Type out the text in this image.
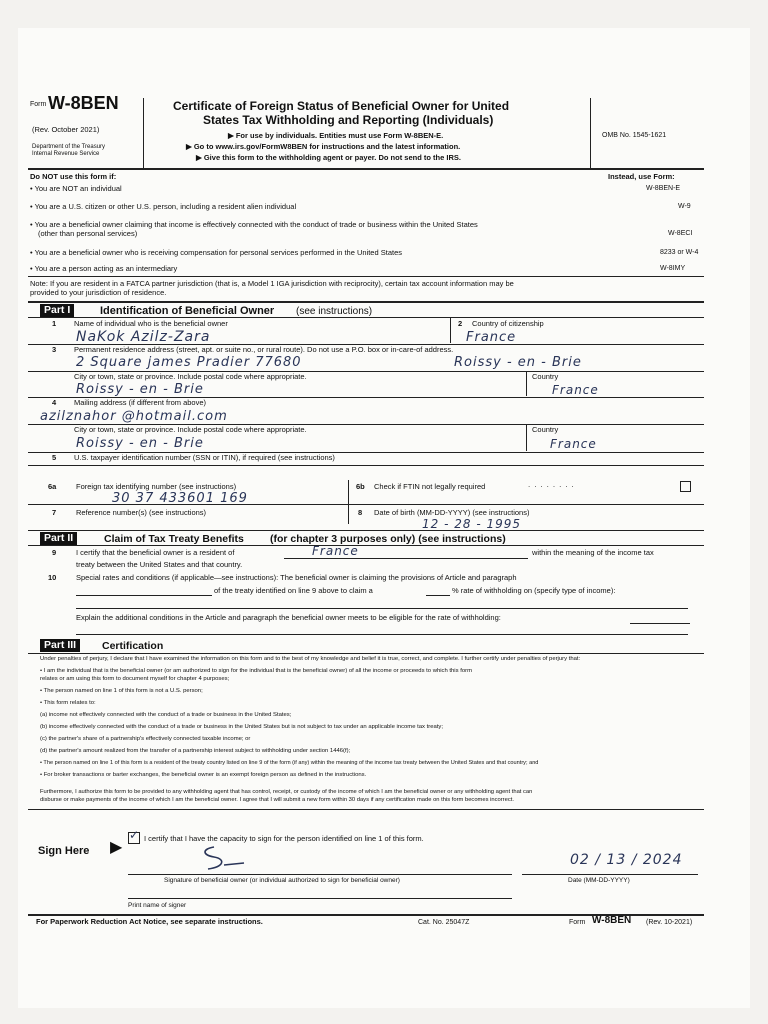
Form W-8BEN
(Rev. October 2021)
Department of the Treasury
Internal Revenue Service
Certificate of Foreign Status of Beneficial Owner for United
States Tax Withholding and Reporting (Individuals)
▶ For use by individuals. Entities must use Form W-8BEN-E.
▶ Go to www.irs.gov/FormW8BEN for instructions and the latest information.
▶ Give this form to the withholding agent or payer. Do not send to the IRS.
OMB No. 1545-1621
Do NOT use this form if:	Instead, use Form:
• You are NOT an individual	W-8BEN-E
• You are a U.S. citizen or other U.S. person, including a resident alien individual	W-9
• You are a beneficial owner claiming that income is effectively connected with the conduct of trade or business within the United States
(other than personal services)	W-8ECI
• You are a beneficial owner who is receiving compensation for personal services performed in the United States	8233 or W-4
• You are a person acting as an intermediary	W-8IMY
Note: If you are resident in a FATCA partner jurisdiction (that is, a Model 1 IGA jurisdiction with reciprocity), certain tax account information may be
provided to your jurisdiction of residence.
Part I	Identification of Beneficial Owner (see instructions)
1 Name of individual who is the beneficial owner
NaKok Azilz-Zara
2 Country of citizenship
France
3 Permanent residence address (street, apt. or suite no., or rural route). Do not use a P.O. box or in-care-of address.
2 Square james Pradier 77680	Roissy - en - Brie
City or town, state or province. Include postal code where appropriate.
Roissy - en - Brie
Country
France
4 Mailing address (if different from above)
azilznahor @hotmail.com
City or town, state or province. Include postal code where appropriate.
Roissy - en - Brie
Country
France
5 U.S. taxpayer identification number (SSN or ITIN), if required (see instructions)
6a	Foreign tax identifying number (see instructions)
30 37 433601 169
6b Check if FTIN not legally required	........
7	Reference number(s) (see instructions)	8 Date of birth (MM-DD-YYYY) (see instructions)
12 - 28 - 1995
Part II	Claim of Tax Treaty Benefits (for chapter 3 purposes only) (see instructions)
9	I certify that the beneficial owner is a resident of	France	within the meaning of the income tax
treaty between the United States and that country.
10	Special rates and conditions (if applicable—see instructions): The beneficial owner is claiming the provisions of Article and paragraph
of the treaty identified on line 9 above to claim a	% rate of withholding on (specify type of income):
Explain the additional conditions in the Article and paragraph the beneficial owner meets to be eligible for the rate of withholding:
Part III	Certification
Under penalties of perjury, I declare that I have examined the information on this form and to the best of my knowledge and belief it is true, correct, and complete. I further certify under penalties of perjury that:
• I am the individual that is the beneficial owner (or am authorized to sign for the individual that is the beneficial owner) of all the income or proceeds to which this form
relates or am using this form to document myself for chapter 4 purposes;
• The person named on line 1 of this form is not a U.S. person;
• This form relates to:
(a) income not effectively connected with the conduct of a trade or business in the United States;
(b) income effectively connected with the conduct of a trade or business in the United States but is not subject to tax under an applicable income tax treaty;
(c) the partner's share of a partnership's effectively connected taxable income; or
(d) the partner's amount realized from the transfer of a partnership interest subject to withholding under section 1446(f);
• The person named on line 1 of this form is a resident of the treaty country listed on line 9 of the form (if any) within the meaning of the income tax treaty between the United States and that country; and
• For broker transactions or barter exchanges, the beneficial owner is an exempt foreign person as defined in the instructions.
Furthermore, I authorize this form to be provided to any withholding agent that has control, receipt, or custody of the income of which I am the beneficial owner or any withholding agent that can
disburse or make payments of the income of which I am the beneficial owner. I agree that I will submit a new form within 30 days if any certification made on this form becomes incorrect.
✓ I certify that I have the capacity to sign for the person identified on line 1 of this form.
Sign Here ▶
Signature of beneficial owner (or individual authorized to sign for beneficial owner)
02 / 13 / 2024
Date (MM-DD-YYYY)
Print name of signer
For Paperwork Reduction Act Notice, see separate instructions.	Cat. No. 25047Z	Form W-8BEN (Rev. 10-2021)
